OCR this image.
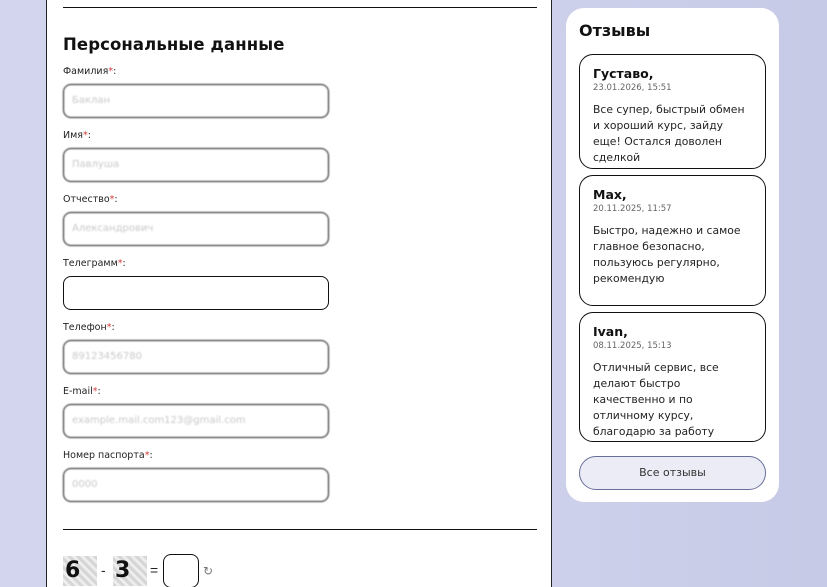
Персональные данные
Фамилия*:
Баклан
Имя*:
Павлуша
Отчество*:
Александрович
Телеграмм*:
Телефон*:
89123456780
E-mail*:
example.mail.com123@gmail.com
Номер паспорта*:
0000
6	- 3	=	↻
Отзывы
Густаво,
23.01.2026, 15:51
Все супер, быстрый обмен и хороший курс, зайду еще! Остался доволен сделкой
Max,
20.11.2025, 11:57
Быстро, надежно и самое главное безопасно, пользуюсь регулярно, рекомендую
Ivan,
08.11.2025, 15:13
Отличный сервис, все делают быстро качественно и по отличному курсу, благодарю за работу
Все отзывы
